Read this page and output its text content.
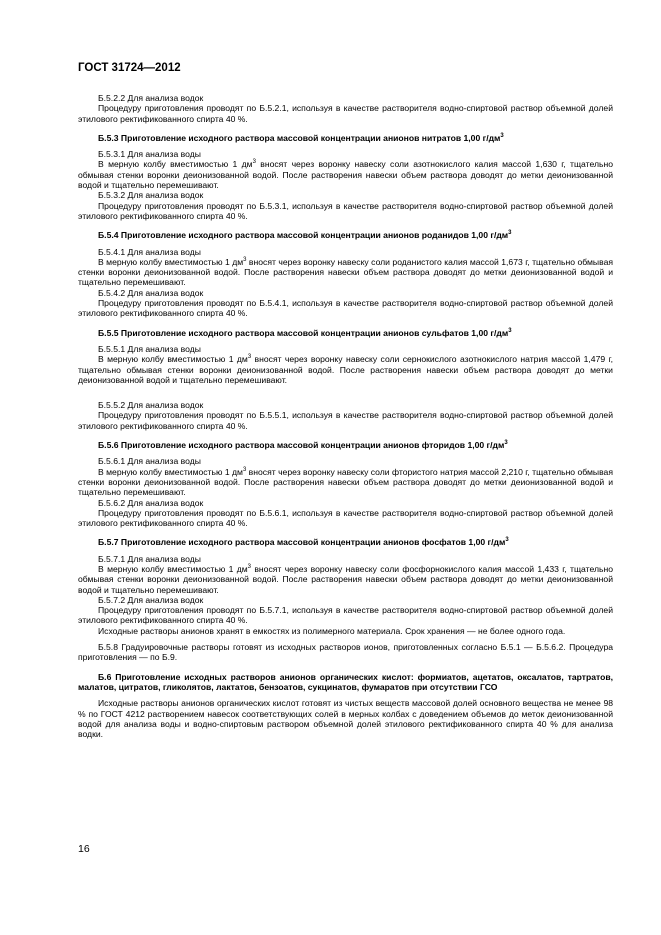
ГОСТ 31724—2012

Б.5.2.2 Для анализа водок

Процедуру приготовления проводят по Б.5.2.1, используя в качестве растворителя водно-спиртовой раствор объемной долей этилового ректификованного спирта 40 %.

Б.5.3 Приготовление исходного раствора массовой концентрации анионов нитратов 1,00 $г/дм^3$

Б.5.3.1 Для анализа воды

В мерную колбу вместимостью 1 $дм^3$ вносят через воронку навеску соли азотнокислого калия массой 1,630 г, тщательно обмывая стенки воронки деионизованной водой. После растворения навески объем раствора доводят до метки деионизованной водой и тщательно перемешивают.

Б.5.3.2 Для анализа водок

Процедуру приготовления проводят по Б.5.3.1, используя в качестве растворителя водно-спиртовой раствор объемной долей этилового ректификованного спирта 40 %.

Б.5.4 Приготовление исходного раствора массовой концентрации анионов роданидов 1,00 $г/дм^3$

Б.5.4.1 Для анализа воды

В мерную колбу вместимостью 1 $дм^3$ вносят через воронку навеску соли роданистого калия массой 1,673 г, тщательно обмывая стенки воронки деионизованной водой. После растворения навески объем раствора доводят до метки деионизованной водой и тщательно перемешивают.

Б.5.4.2 Для анализа водок

Процедуру приготовления проводят по Б.5.4.1, используя в качестве растворителя водно-спиртовой раствор объемной долей этилового ректификованного спирта 40 %.

Б.5.5 Приготовление исходного раствора массовой концентрации анионов сульфатов 1,00 $г/дм^3$

Б.5.5.1 Для анализа воды

В мерную колбу вместимостью 1 $дм^3$ вносят через воронку навеску соли сернокислого азотнокислого натрия массой 1,479 г, тщательно обмывая стенки воронки деионизованной водой. После растворения навески объем раствора доводят до метки деионизованной водой и тщательно перемешивают.

Б.5.5.2 Для анализа водок

Процедуру приготовления проводят по Б.5.5.1, используя в качестве растворителя водно-спиртовой раствор объемной долей этилового ректификованного спирта 40 %.

Б.5.6 Приготовление исходного раствора массовой концентрации анионов фторидов 1,00 $г/дм^3$

Б.5.6.1 Для анализа воды

В мерную колбу вместимостью 1 $дм^3$ вносят через воронку навеску соли фтористого натрия массой 2,210 г, тщательно обмывая стенки воронки деионизованной водой. После растворения навески объем раствора доводят до метки деионизованной водой и тщательно перемешивают.

Б.5.6.2 Для анализа водок

Процедуру приготовления проводят по Б.5.6.1, используя в качестве растворителя водно-спиртовой раствор объемной долей этилового ректификованного спирта 40 %.

Б.5.7 Приготовление исходного раствора массовой концентрации анионов фосфатов 1,00 $г/дм^3$

Б.5.7.1 Для анализа воды

В мерную колбу вместимостью 1 $дм^3$ вносят через воронку навеску соли фосфорнокислого калия массой 1,433 г, тщательно обмывая стенки воронки деионизованной водой. После растворения навески объем раствора доводят до метки деионизованной водой и тщательно перемешивают.

Б.5.7.2 Для анализа водок

Процедуру приготовления проводят по Б.5.7.1, используя в качестве растворителя водно-спиртовой раствор объемной долей этилового ректификованного спирта 40 %.

Исходные растворы анионов хранят в емкостях из полимерного материала. Срок хранения — не более одного года.

Б.5.8 Градуировочные растворы готовят из исходных растворов ионов, приготовленных согласно Б.5.1 — Б.5.6.2. Процедура приготовления — по Б.9.

Б.6 Приготовление исходных растворов анионов органических кислот: формиатов, ацетатов, оксалатов, тартратов, малатов, цитратов, гликолятов, лактатов, бензоатов, сукцинатов, фумаратов при отсутствии ГСО

Исходные растворы анионов органических кислот готовят из чистых веществ массовой долей основного вещества не менее 98 % по ГОСТ 4212 растворением навесок соответствующих солей в мерных колбах с доведением объемов до меток деионизованной водой для анализа воды и водно-спиртовым раствором объемной долей этилового ректификованного спирта 40 % для анализа водки.

16
